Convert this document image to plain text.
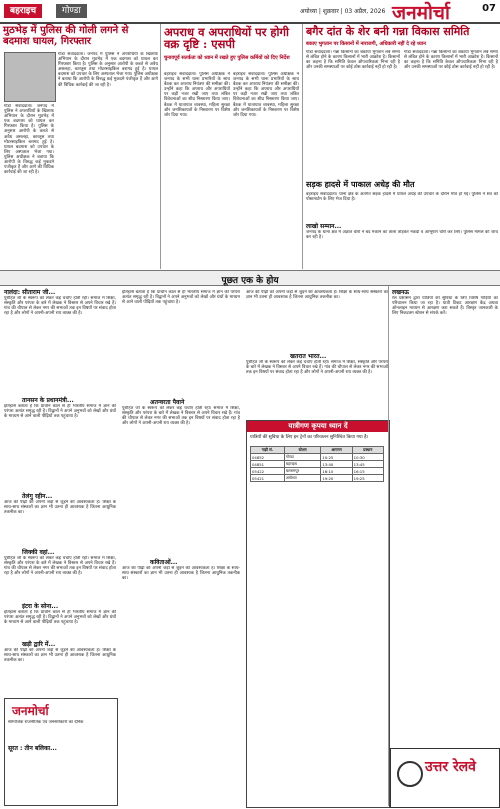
बहराइच	गोण्डा	अयोध्या | शुक्रवार | 03 अप्रैल, 2026 जनमोर्चा	07
मुठभेड़ में पुलिस की गोली लगने से बदमाश घायल, गिरफ्तार
गोंडा संवाददाता। जनपद में पुलिस ने अपराधियों के खिलाफ अभियान के दौरान मुठभेड़ में एक बदमाश को घायल कर गिरफ्तार किया है। पुलिस के अनुसार आरोपी के कब्जे से अवैध असलहा, कारतूस तथा मोटरसाइकिल बरामद हुई है। घायल बदमाश को उपचार के लिए अस्पताल भेजा गया। पुलिस अधीक्षक ने बताया कि आरोपी के विरुद्ध कई मुकदमे पंजीकृत हैं और आगे की विधिक कार्रवाई की जा रही है।
गोंडा संवाददाता। जनपद में पुलिस ने अपराधियों के खिलाफ अभियान के दौरान मुठभेड़ में एक बदमाश को घायल कर गिरफ्तार किया है। पुलिस के अनुसार आरोपी के कब्जे से अवैध असलहा, कारतूस तथा मोटरसाइकिल बरामद हुई है। घायल बदमाश को उपचार के लिए अस्पताल भेजा गया। पुलिस अधीक्षक ने बताया कि आरोपी के विरुद्ध कई मुकदमे पंजीकृत हैं और आगे की विधिक कार्रवाई की जा रही है।
अपराध व अपराधियों पर होगी वक्र दृष्टि : एसपी
चुनावपूर्व सतर्कता को ध्यान में रखते हुए पुलिस कर्मियों को दिए निर्देश
बहराइच संवाददाता। पुलिस अधीक्षक ने जनपद के सभी थाना प्रभारियों के साथ बैठक कर अपराध नियंत्रण की समीक्षा की। उन्होंने कहा कि अपराध और अपराधियों पर कड़ी नजर रखी जाए तथा लंबित विवेचनाओं का शीघ्र निस्तारण किया जाए। बैठक में यातायात व्यवस्था, महिला सुरक्षा और जनशिकायतों के निस्तारण पर विशेष जोर दिया गया।
बहराइच संवाददाता। पुलिस अधीक्षक ने जनपद के सभी थाना प्रभारियों के साथ बैठक कर अपराध नियंत्रण की समीक्षा की। उन्होंने कहा कि अपराध और अपराधियों पर कड़ी नजर रखी जाए तथा लंबित विवेचनाओं का शीघ्र निस्तारण किया जाए। बैठक में यातायात व्यवस्था, महिला सुरक्षा और जनशिकायतों के निस्तारण पर विशेष जोर दिया गया।
बगैर दांत के शेर बनी गन्ना विकास समिति
बकाए भुगतान पर किसानों में नाराजगी, अधिकारी नहीं दे रहे ध्यान
गोंडा संवाददाता। गन्ना किसानों का बकाया भुगतान लंबे समय से लंबित होने के कारण किसानों में भारी आक्रोश है। किसानों का कहना है कि समिति केवल औपचारिकता निभा रही है और उनकी समस्याओं पर कोई ठोस कार्रवाई नहीं हो रही है।
गोंडा संवाददाता। गन्ना किसानों का बकाया भुगतान लंबे समय से लंबित होने के कारण किसानों में भारी आक्रोश है। किसानों का कहना है कि समिति केवल औपचारिकता निभा रही है और उनकी समस्याओं पर कोई ठोस कार्रवाई नहीं हो रही है।
सड़क हादसे में पाकाल अधेड़ की मौत
बहराइच संवाददाता। थाना क्षेत्र के अंतर्गत सड़क हादसे में घायल अधेड़ की उपचार के दौरान मौत हो गई। पुलिस ने शव को पोस्टमार्टम के लिए भेज दिया है।
लाखो सम्मान...
जनपद के थाना क्षेत्र में अज्ञात चोरों ने बंद मकान का ताला तोड़कर नकदी व आभूषण चोरी कर लिए। पुलिस मामले की जांच कर रही है।
पूछत एक के होय
नालंदा: सीताराम जी...
पुरोहित जी के स्वरूप को लेकर कई चर्चाएं होती रहीं। समाज में शिक्षा, संस्कृति और परंपरा के बारे में लेखक ने विस्तार से अपने विचार रखे हैं। गांव की चौपाल से लेकर नगर की सभाओं तक इन विषयों पर संवाद होता रहा है और लोगों ने अपनी-अपनी राय व्यक्त की है।
तानसन के प्रधानमंत्री...
इतिहास बताता है कि प्राचीन काल से ही भारतीय समाज में ज्ञान की परंपरा अत्यंत समृद्ध रही है। विद्वानों ने अपने अनुभवों को लेखों और ग्रंथों के माध्यम से आने वाली पीढ़ियों तक पहुंचाया है।
तेलंगु रहीन...
आज की पीढ़ी को अपनी जड़ों से जुड़ने की आवश्यकता है। शिक्षा के साथ-साथ संस्कारों का ज्ञान भी उतना ही आवश्यक है जितना आधुनिक तकनीक का।
जिक्की वहां...
पुरोहित जी के स्वरूप को लेकर कई चर्चाएं होती रहीं। समाज में शिक्षा, संस्कृति और परंपरा के बारे में लेखक ने विस्तार से अपने विचार रखे हैं। गांव की चौपाल से लेकर नगर की सभाओं तक इन विषयों पर संवाद होता रहा है और लोगों ने अपनी-अपनी राय व्यक्त की है।
इंटरा के सोना...
इतिहास बताता है कि प्राचीन काल से ही भारतीय समाज में ज्ञान की परंपरा अत्यंत समृद्ध रही है। विद्वानों ने अपने अनुभवों को लेखों और ग्रंथों के माध्यम से आने वाली पीढ़ियों तक पहुंचाया है।
खड़ी द्वारि में...
आज की पीढ़ी को अपनी जड़ों से जुड़ने की आवश्यकता है। शिक्षा के साथ-साथ संस्कारों का ज्ञान भी उतना ही आवश्यक है जितना आधुनिक तकनीक का।
इतिहास बताता है कि प्राचीन काल से ही भारतीय समाज में ज्ञान की परंपरा अत्यंत समृद्ध रही है। विद्वानों ने अपने अनुभवों को लेखों और ग्रंथों के माध्यम से आने वाली पीढ़ियों तक पहुंचाया है।
अतन्वरता पैवाने
पुरोहित जी के स्वरूप को लेकर कई चर्चाएं होती रहीं। समाज में शिक्षा, संस्कृति और परंपरा के बारे में लेखक ने विस्तार से अपने विचार रखे हैं। गांव की चौपाल से लेकर नगर की सभाओं तक इन विषयों पर संवाद होता रहा है और लोगों ने अपनी-अपनी राय व्यक्त की है।
कविताओं...
आज की पीढ़ी को अपनी जड़ों से जुड़ने की आवश्यकता है। शिक्षा के साथ-साथ संस्कारों का ज्ञान भी उतना ही आवश्यक है जितना आधुनिक तकनीक का।
आज की पीढ़ी को अपनी जड़ों से जुड़ने की आवश्यकता है। शिक्षा के साथ-साथ संस्कारों का ज्ञान भी उतना ही आवश्यक है जितना आधुनिक तकनीक का।
खतरात भारत...
पुरोहित जी के स्वरूप को लेकर कई चर्चाएं होती रहीं। समाज में शिक्षा, संस्कृति और परंपरा के बारे में लेखक ने विस्तार से अपने विचार रखे हैं। गांव की चौपाल से लेकर नगर की सभाओं तक इन विषयों पर संवाद होता रहा है और लोगों ने अपनी-अपनी राय व्यक्त की है।
यात्रीगण कृपया ध्यान दें
यात्रियों की सुविधा के लिए इन ट्रेनों का परिचालन सुनिश्चित किया गया है।
गाड़ी सं.	स्टेशन	आगमन	प्रस्थान
04852	गोण्डा	10:25	10:30
04851	बहराइच	13:40	13:45
05422	बलरामपुर	16:10	16:15
05421	अयोध्या	19:20	19:25
लखनऊ
रेल प्रशासन द्वारा यात्रियों की सुविधा के लिए विशेष गाड़ियों का परिचालन किया जा रहा है। यात्री टिकट आरक्षण केंद्र अथवा ऑनलाइन माध्यम से आरक्षण करा सकते हैं। विस्तृत जानकारी के लिए निकटतम स्टेशन से संपर्क करें।
जनमोर्चा
सामाजिक राजनीतिक एवं जनसरोकारों का दैनिक
सूरत : तीन बलिका...
उत्तर रेलवे
